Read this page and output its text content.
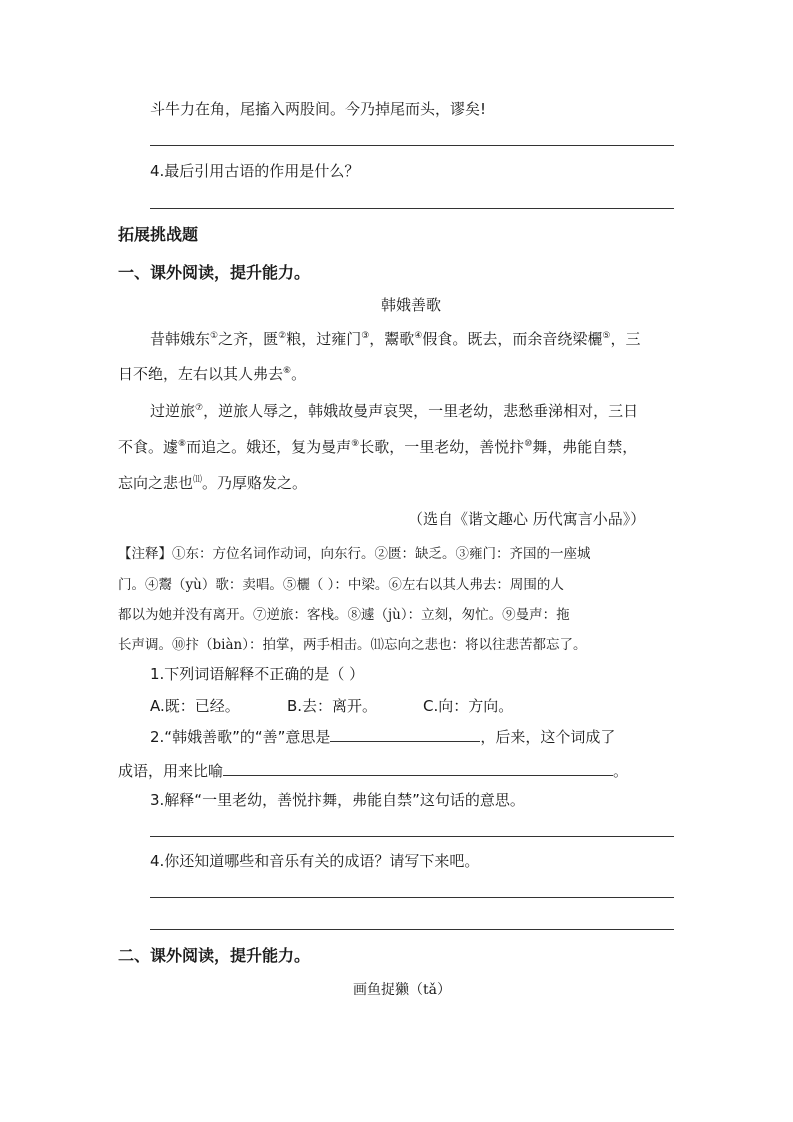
斗牛力在角，尾搐入两股间。今乃掉尾而头，谬矣!
4.最后引用古语的作用是什么？
拓展挑战题
一、课外阅读，提升能力。
韩娥善歌
昔韩娥东①之齐，匮②粮，过雍门③，鬻歌④假食。既去，而余音绕梁欐⑤，三
日不绝，左右以其人弗去⑥。
过逆旅⑦，逆旅人辱之，韩娥故曼声哀哭，一里老幼，悲愁垂涕相对，三日
不食。遽⑧而追之。娥还，复为曼声⑨长歌，一里老幼，善悦抃⑩舞，弗能自禁，
忘向之悲也⑾。乃厚赂发之。
（选自《谐文趣心 历代寓言小品》）
【注释】①东：方位名词作动词，向东行。②匮：缺乏。③雍门：齐国的一座城
门。④鬻（yù）歌：卖唱。⑤欐（ ）：中梁。⑥左右以其人弗去：周围的人
都以为她并没有离开。⑦逆旅：客栈。⑧遽（jù）：立刻，匆忙。⑨曼声：拖
长声调。⑩抃（biàn）：拍掌，两手相击。⑾忘向之悲也：将以往悲苦都忘了。
1.下列词语解释不正确的是（ ）
A.既：已经。	B.去：离开。	C.向：方向。
2.“韩娥善歌”的“善”意思是	，后来，这个词成了
成语，用来比喻	。
3.解释“一里老幼，善悦抃舞，弗能自禁”这句话的意思。
4.你还知道哪些和音乐有关的成语？请写下来吧。
二、课外阅读，提升能力。
画鱼捉獭（tǎ）
